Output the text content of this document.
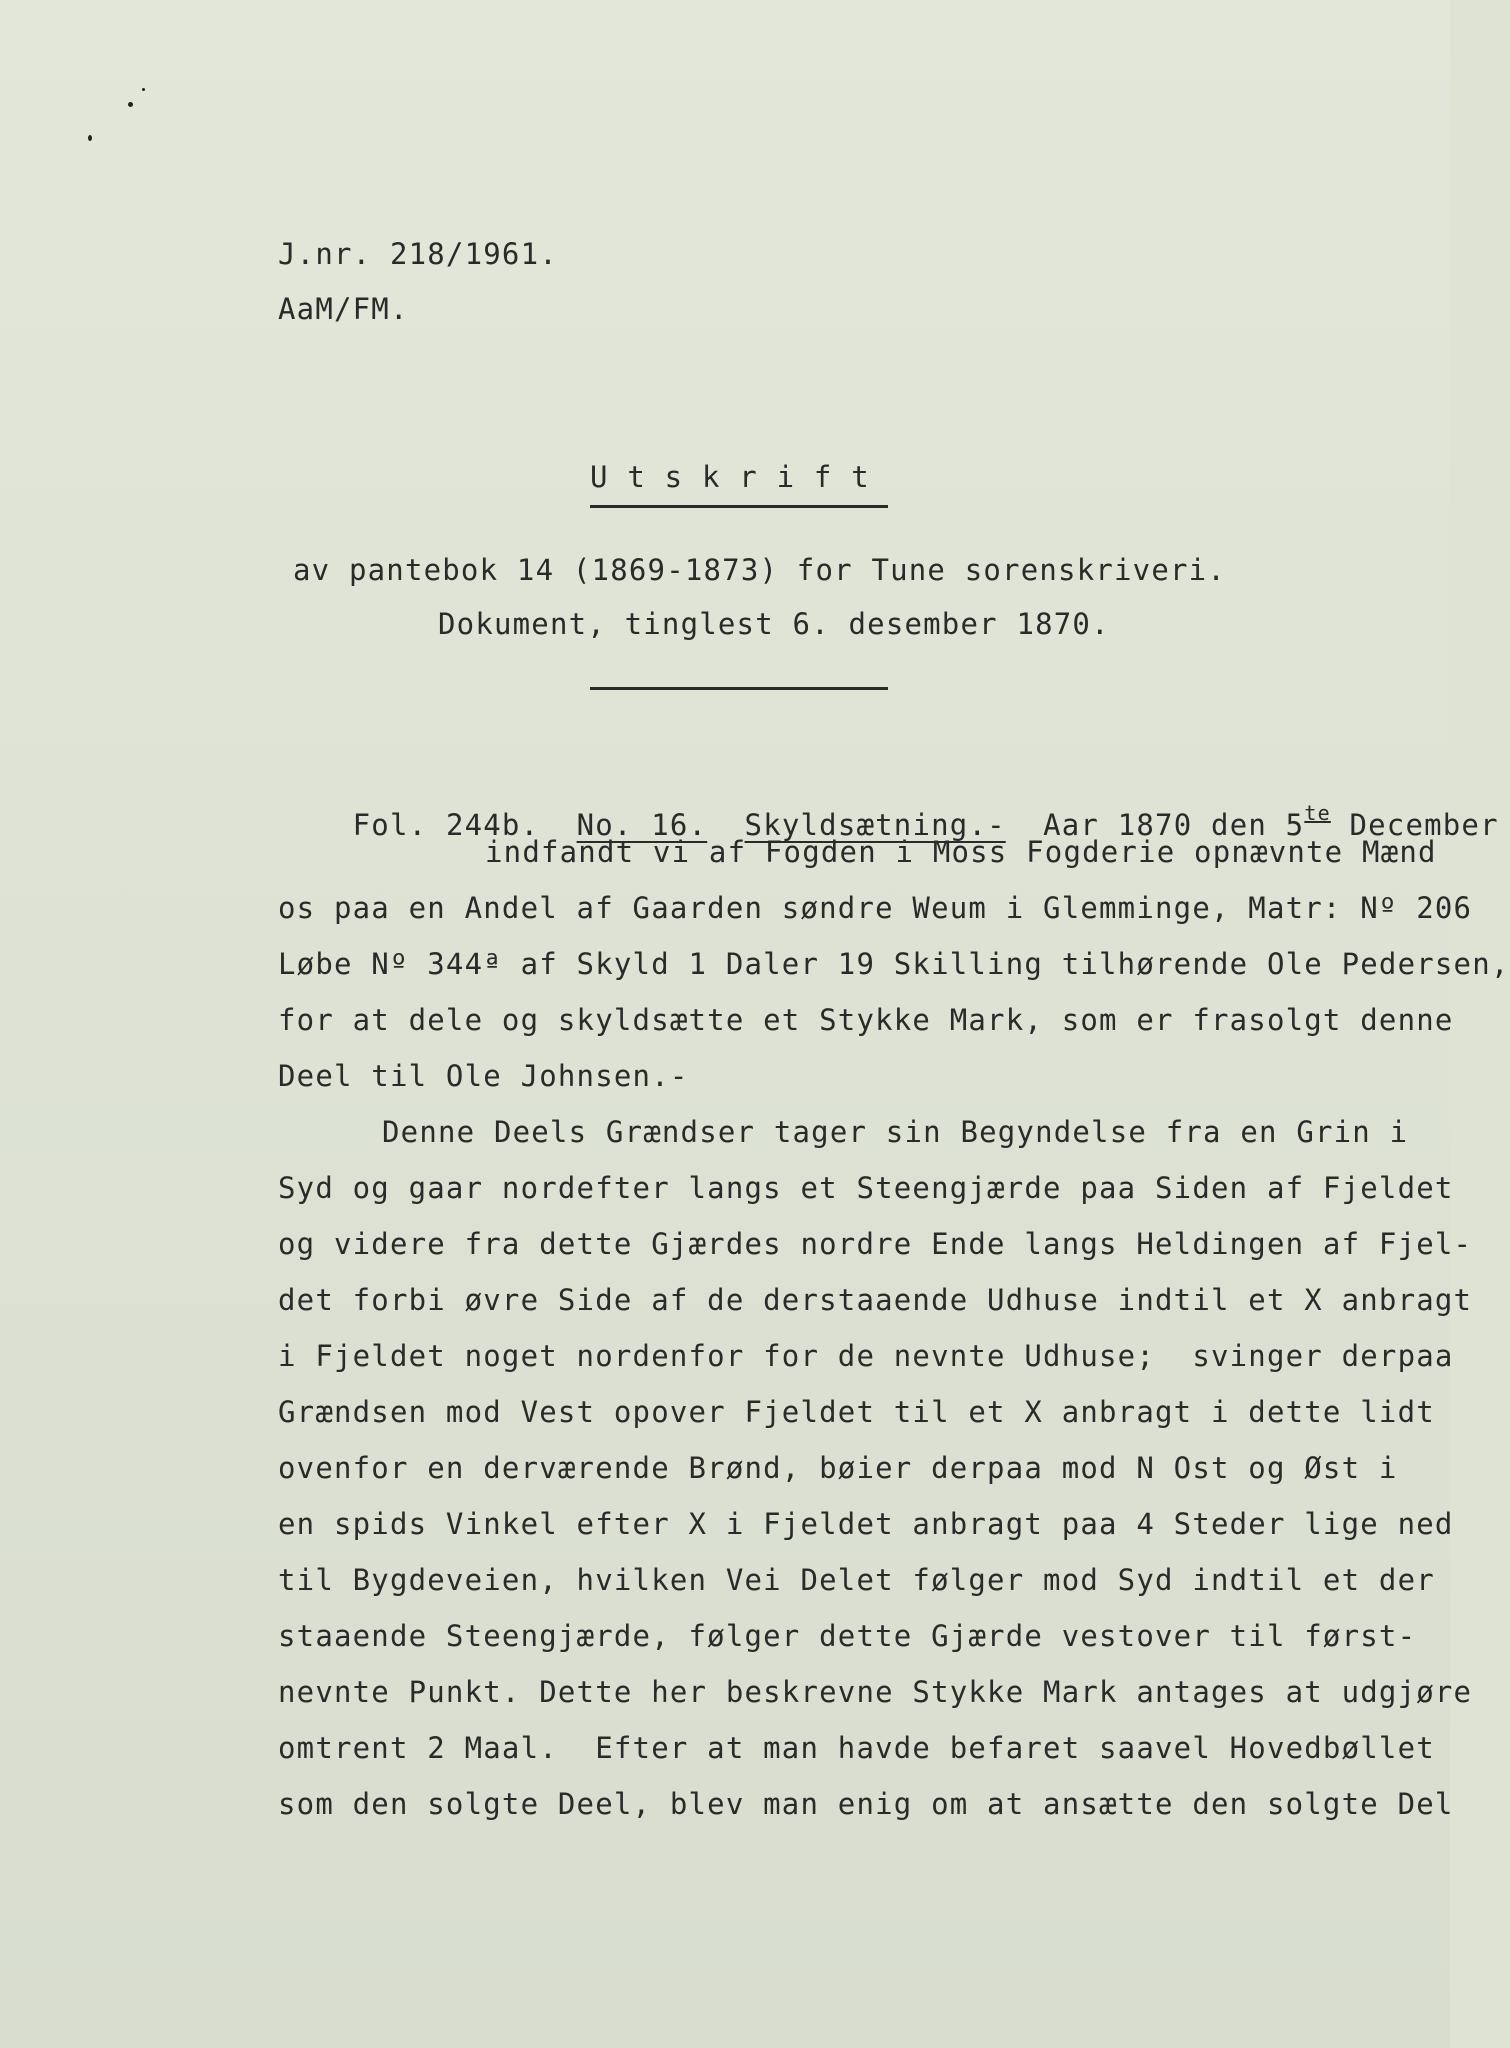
J.nr. 218/1961.
AaM/FM.
U t s k r i f t
av pantebok 14 (1869-1873) for Tune sorenskriveri.
Dokument, tinglest 6. desember 1870.

Fol. 244b. No. 16. Skyldsætning.- Aar 1870 den $5^{te}$ December

indfandt vi af Fogden i Moss Fogderie opnævnte Mænd
os paa en Andel af Gaarden søndre Weum i Glemminge, Matr: Nº 206
Løbe Nº 344ª af Skyld 1 Daler 19 Skilling tilhørende Ole Pedersen,
for at dele og skyldsætte et Stykke Mark, som er frasolgt denne
Deel til Ole Johnsen.-
Denne Deels Grændser tager sin Begyndelse fra en Grin i
Syd og gaar nordefter langs et Steengjærde paa Siden af Fjeldet
og videre fra dette Gjærdes nordre Ende langs Heldingen af Fjel-
det forbi øvre Side af de derstaaende Udhuse indtil et X anbragt
i Fjeldet noget nordenfor for de nevnte Udhuse;  svinger derpaa
Grændsen mod Vest opover Fjeldet til et X anbragt i dette lidt
ovenfor en derværende Brønd, bøier derpaa mod N Ost og Øst i
en spids Vinkel efter X i Fjeldet anbragt paa 4 Steder lige ned
til Bygdeveien, hvilken Vei Delet følger mod Syd indtil et der
staaende Steengjærde, følger dette Gjærde vestover til først-
nevnte Punkt. Dette her beskrevne Stykke Mark antages at udgjøre
omtrent 2 Maal.  Efter at man havde befaret saavel Hovedbøllet
som den solgte Deel, blev man enig om at ansætte den solgte Del
